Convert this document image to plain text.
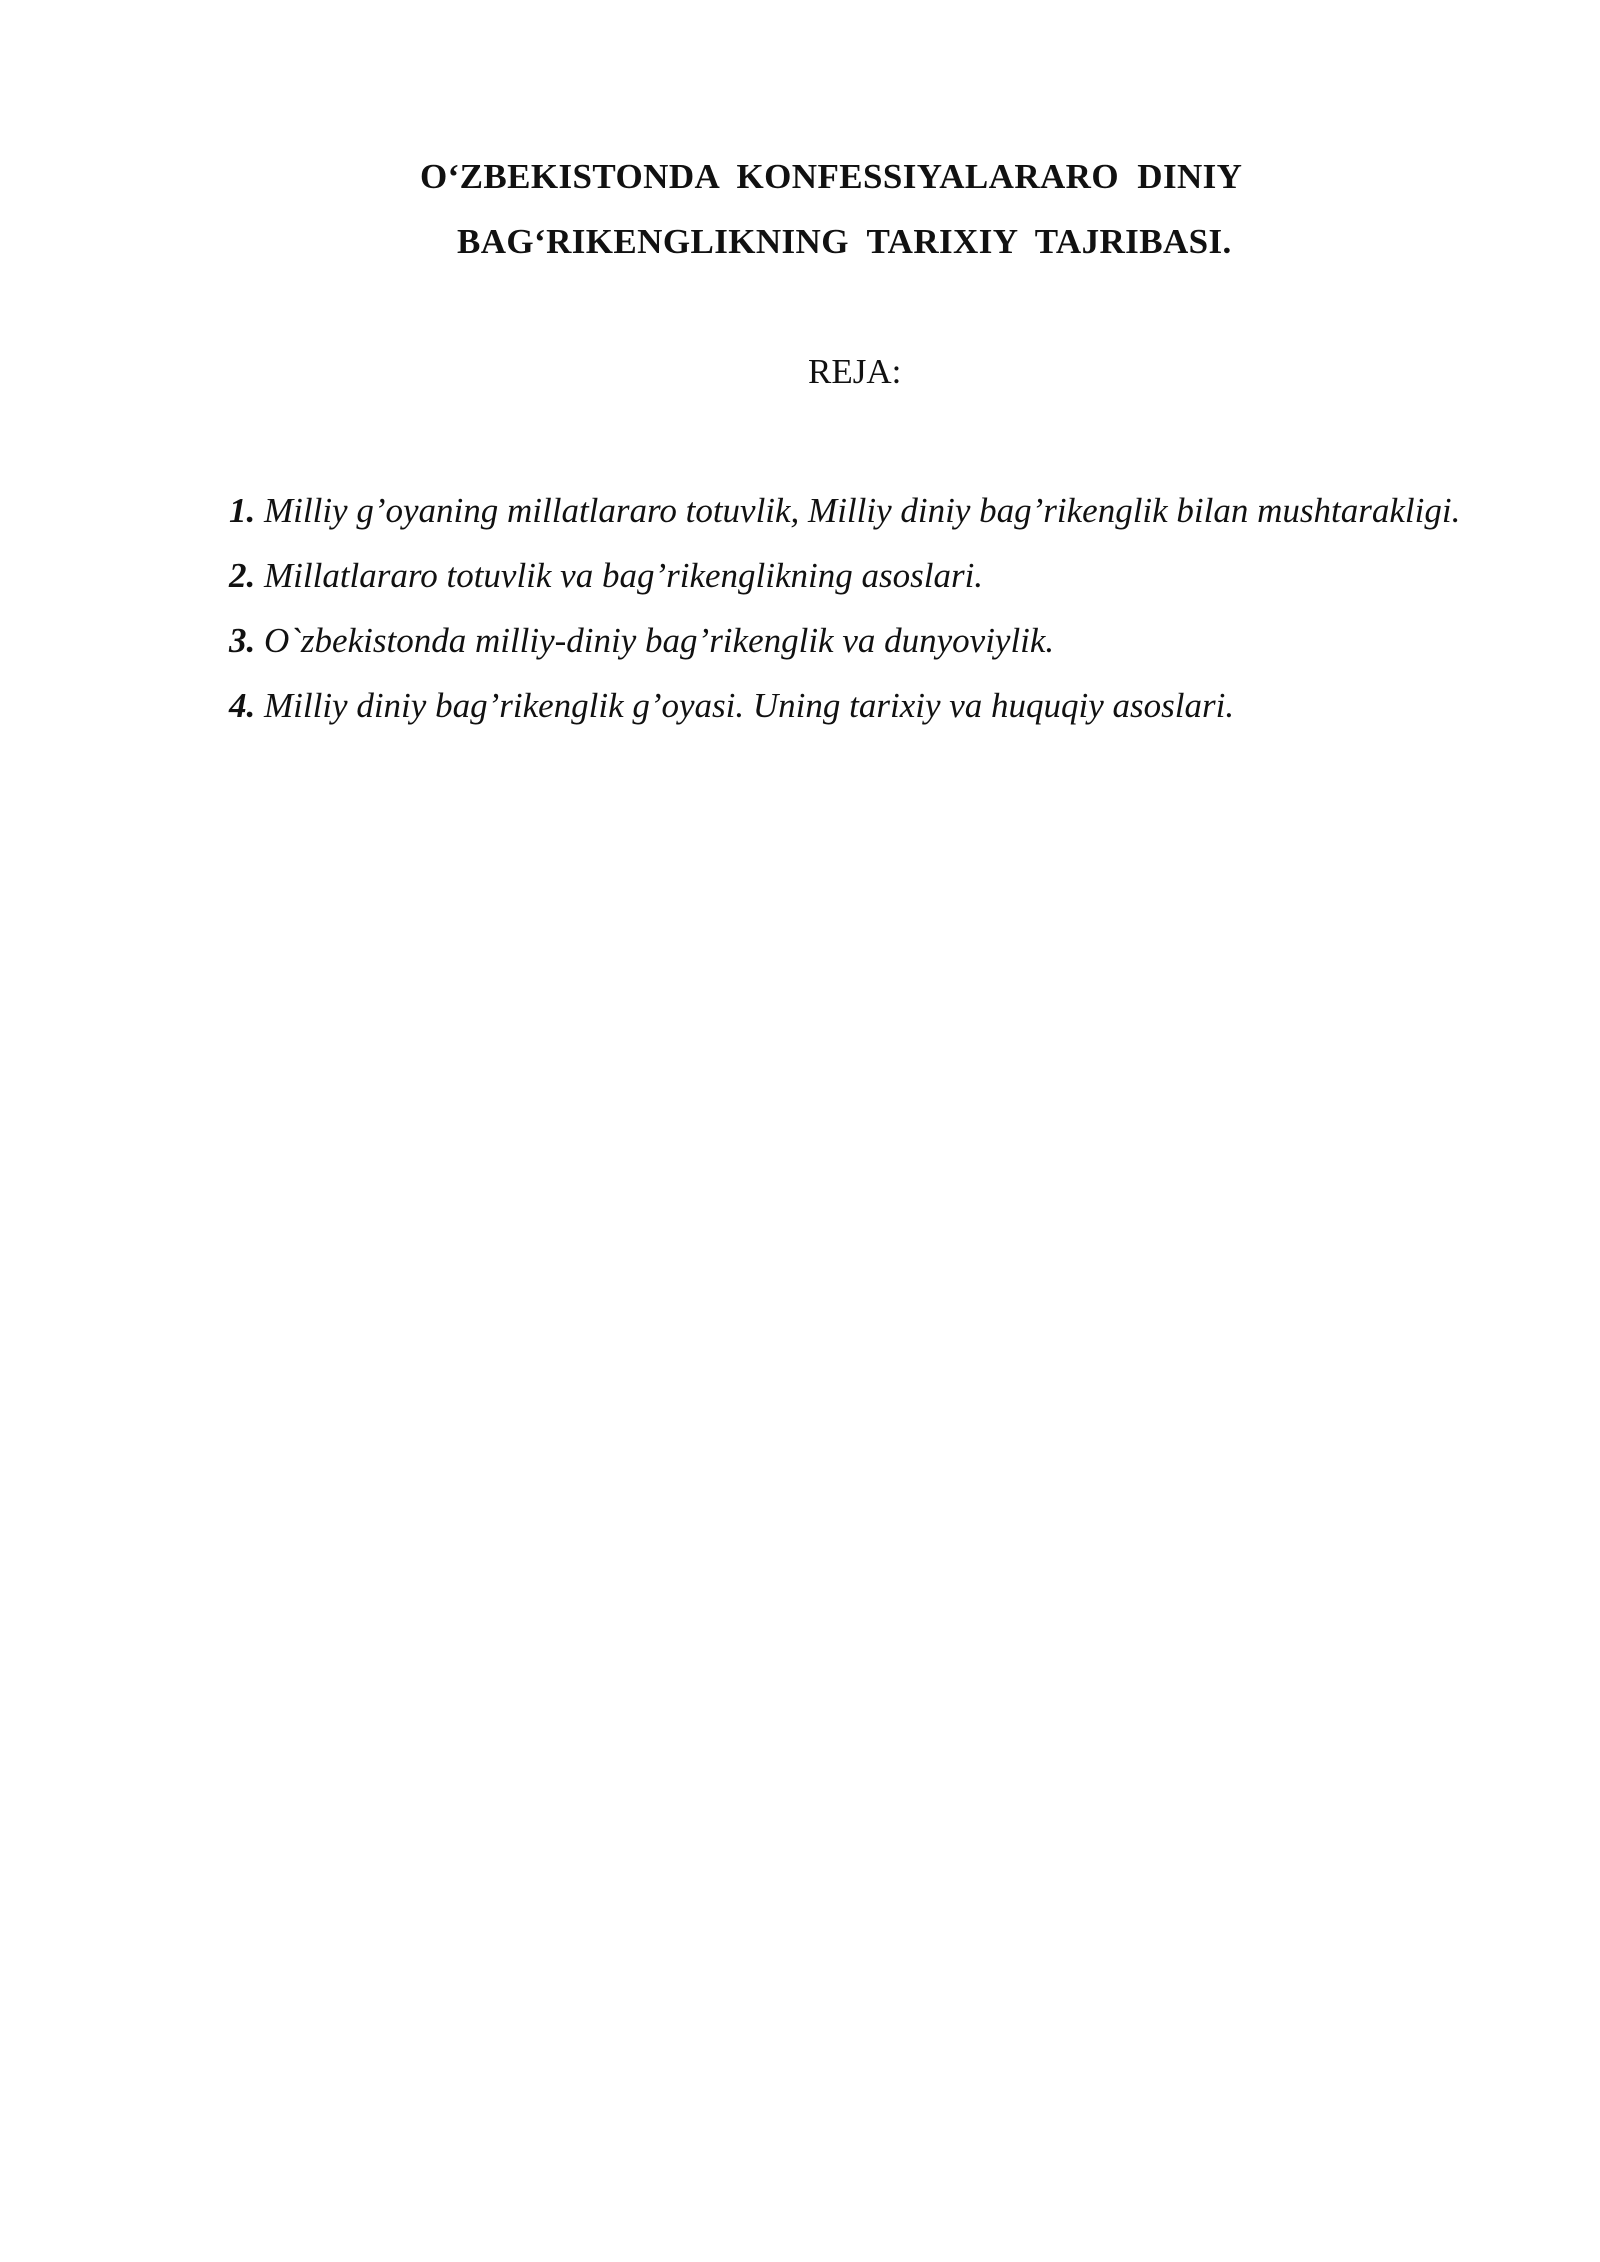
O‘ZBEKISTONDA  KONFESSIYALARARO  DINIY
BAG‘RIKENGLIKNING  TARIXIY  TAJRIBASI.
REJA:

1. Milliy g’oyaning millatlararo totuvlik, Milliy diniy bag’rikenglik bilan mushtarakligi.

2. Millatlararo totuvlik va bag’rikenglikning asoslari.

3. O`zbekistonda milliy-diniy bag’rikenglik va dunyoviylik.

4. Milliy diniy bag’rikenglik g’oyasi. Uning tarixiy va huquqiy asoslari.
